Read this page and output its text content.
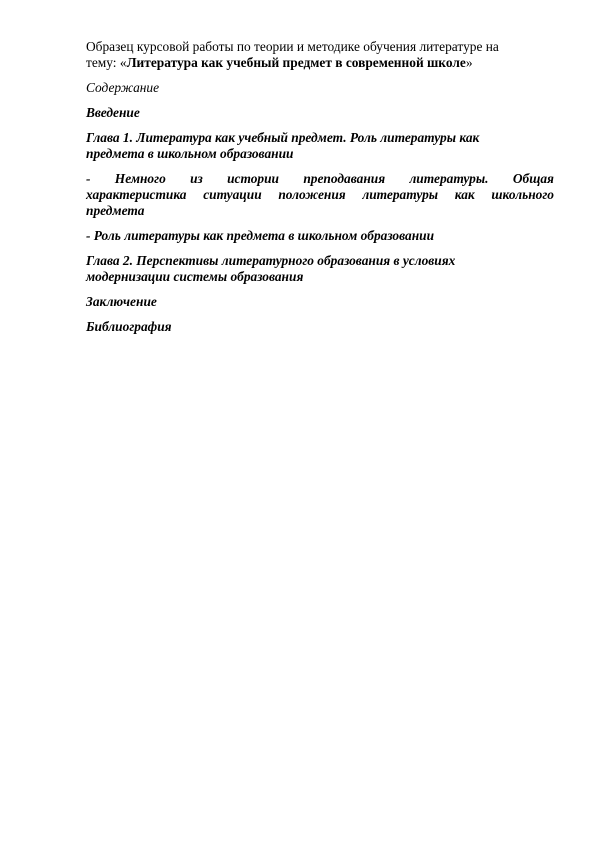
Образец курсовой работы по теории и методике обучения литературе на
тему: «Литература как учебный предмет в современной школе»

Содержание

Введение

Глава 1. Литература как учебный предмет. Роль литературы как
предмета в школьном образовании

- Немного из истории преподавания литературы. Общая
характеристика ситуации положения литературы как школьного
предмета

- Роль литературы как предмета в школьном образовании

Глава 2. Перспективы литературного образования в условиях
модернизации системы образования

Заключение

Библиография
